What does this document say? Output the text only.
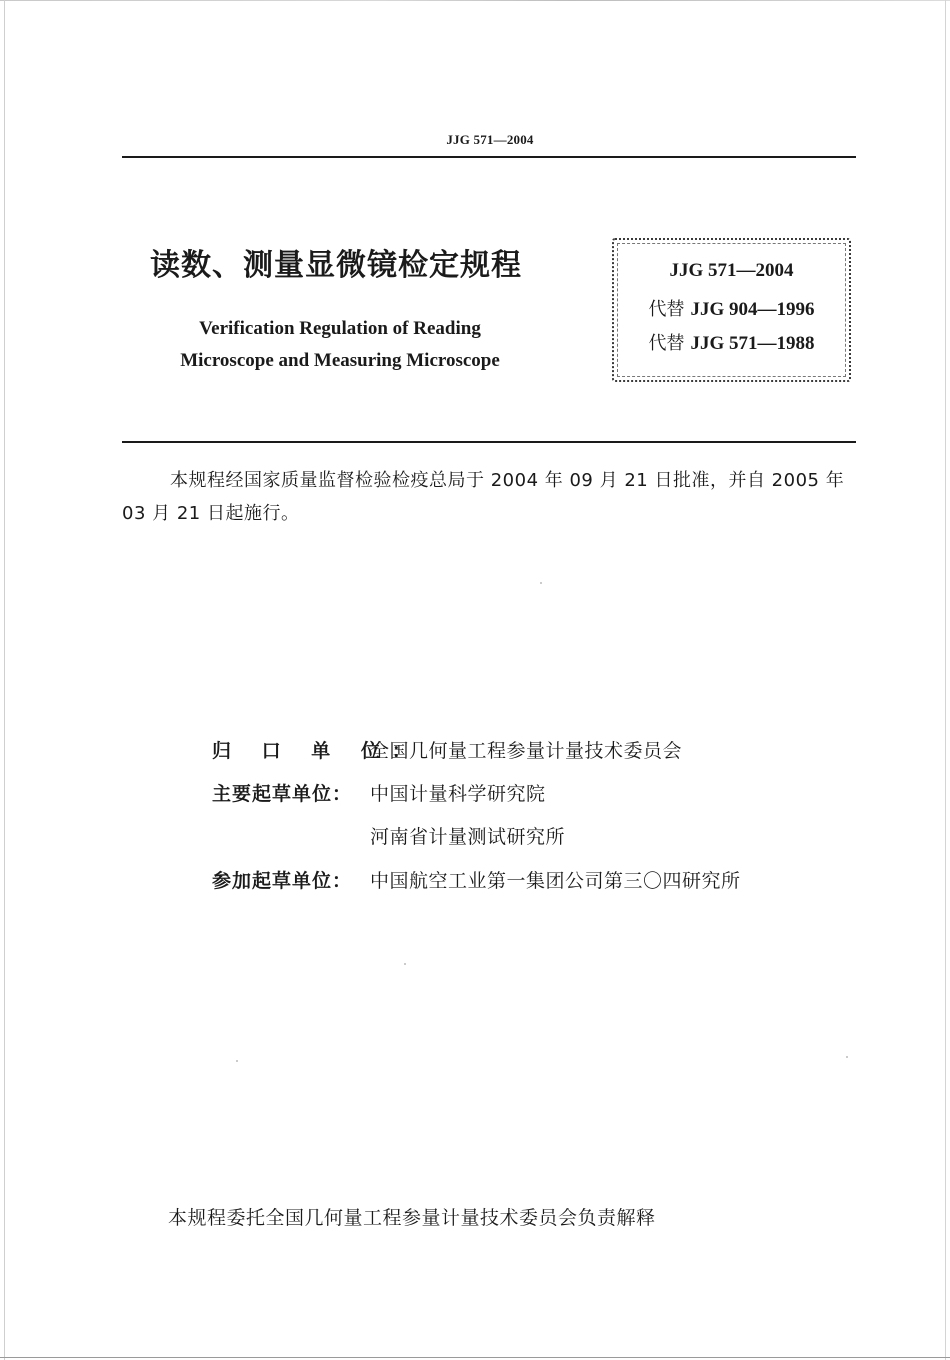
JJG 571—2004
读数、测量显微镜检定规程
Verification Regulation of Reading
Microscope and Measuring Microscope
JJG 571—2004
代替 JJG 904—1996
代替 JJG 571—1988
本规程经国家质量监督检验检疫总局于 2004 年 09 月 21 日批准，并自 2005 年 03 月 21 日起施行。
归 口 单 位：
全国几何量工程参量计量技术委员会
主要起草单位： 中国计量科学研究院
河南省计量测试研究所
参加起草单位： 中国航空工业第一集团公司第三〇四研究所
本规程委托全国几何量工程参量计量技术委员会负责解释
